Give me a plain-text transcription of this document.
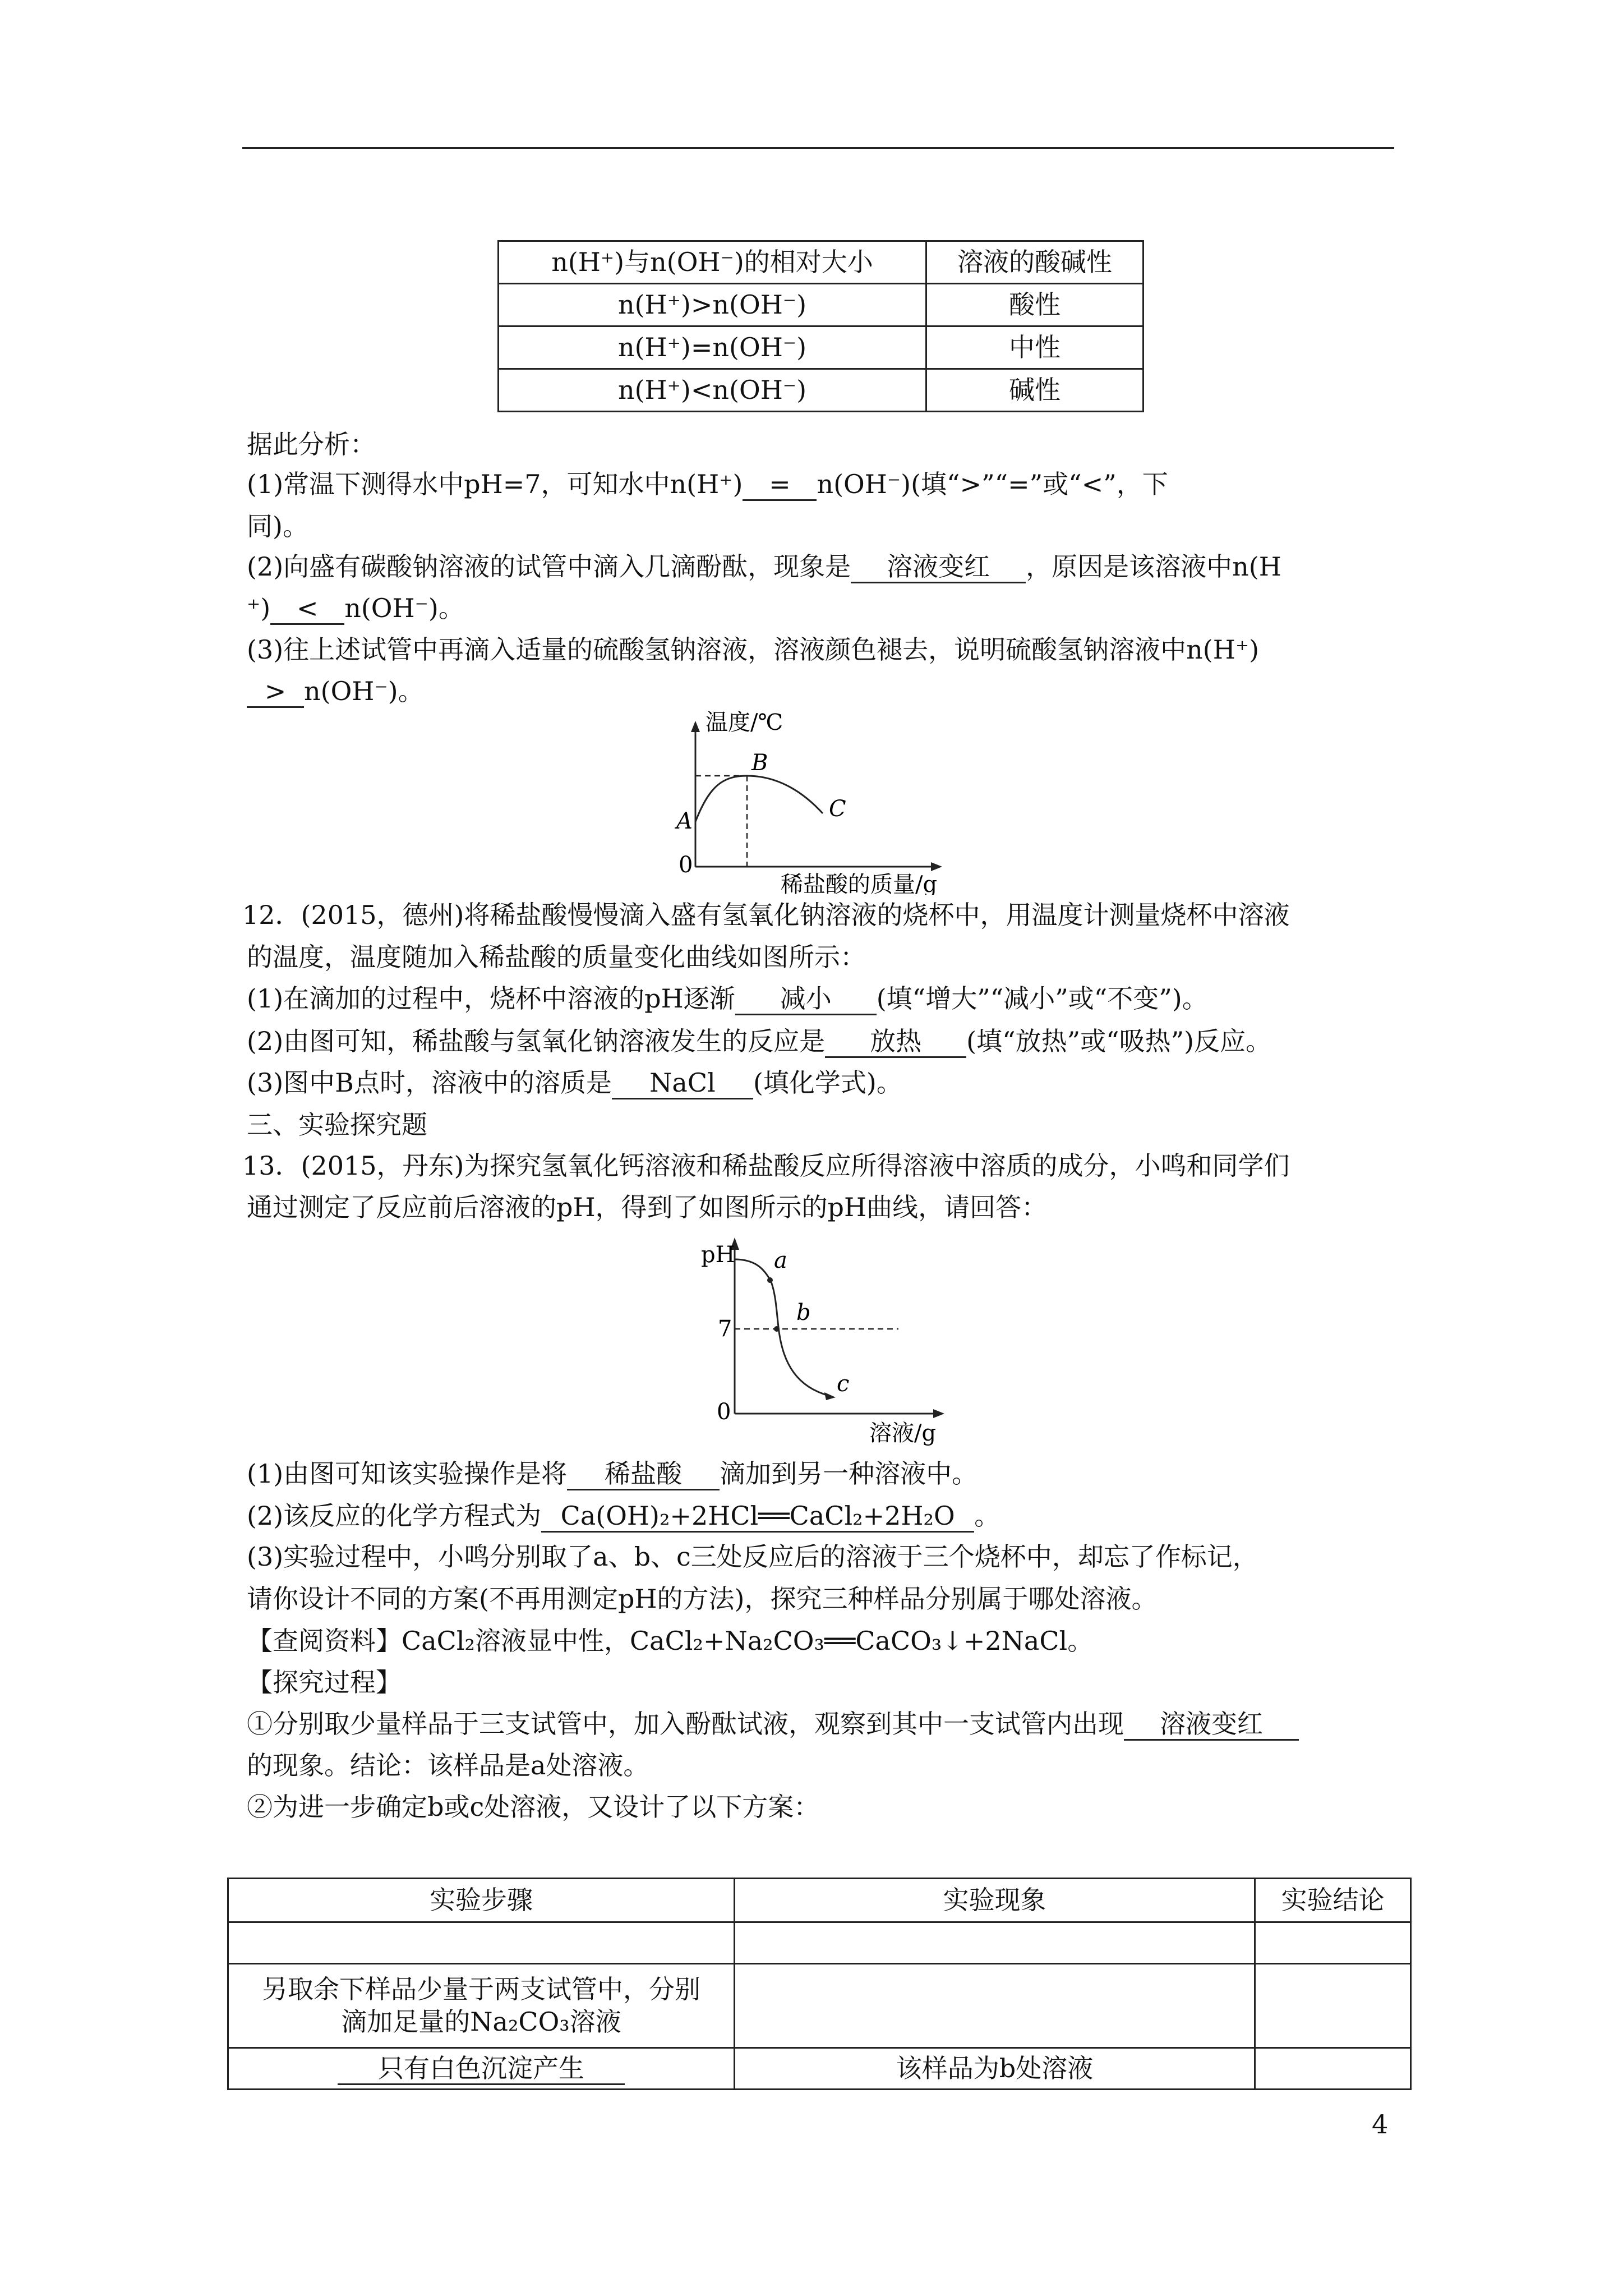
n(H⁺)与n(OH⁻)的相对大小	溶液的酸碱性
n(H⁺)>n(OH⁻)	酸性
n(H⁺)=n(OH⁻)	中性
n(H⁺)<n(OH⁻)	碱性
据此分析：
(1)常温下测得水中pH=7，可知水中n(H⁺) = n(OH⁻)(填“>”“=”或“<”，下
同)。
(2)向盛有碳酸钠溶液的试管中滴入几滴酚酞，现象是 溶液变红 ，原因是该溶液中n(H
⁺) < n(OH⁻)。
(3)往上述试管中再滴入适量的硫酸氢钠溶液，溶液颜色褪去，说明硫酸氢钠溶液中n(H⁺)
> n(OH⁻)。
温度/℃
B
A	C
0
稀盐酸的质量/g
12．(2015，德州)将稀盐酸慢慢滴入盛有氢氧化钠溶液的烧杯中，用温度计测量烧杯中溶液
的温度，温度随加入稀盐酸的质量变化曲线如图所示：
(1)在滴加的过程中，烧杯中溶液的pH逐渐 减小 (填“增大”“减小”或“不变”)。
(2)由图可知，稀盐酸与氢氧化钠溶液发生的反应是 放热 (填“放热”或“吸热”)反应。
(3)图中B点时，溶液中的溶质是 NaCl (填化学式)。
三、实验探究题
13．(2015，丹东)为探究氢氧化钙溶液和稀盐酸反应所得溶液中溶质的成分，小鸣和同学们
通过测定了反应前后溶液的pH，得到了如图所示的pH曲线，请回答：
pH
7
0
a
b
c
溶液/g
(1)由图可知该实验操作是将 稀盐酸 滴加到另一种溶液中。
(2)该反应的化学方程式为 Ca(OH)₂+2HCl══CaCl₂+2H₂O 。
(3)实验过程中，小鸣分别取了a、b、c三处反应后的溶液于三个烧杯中，却忘了作标记，
请你设计不同的方案(不再用测定pH的方法)，探究三种样品分别属于哪处溶液。
【查阅资料】CaCl₂溶液显中性，CaCl₂+Na₂CO₃══CaCO₃↓+2NaCl。
【探究过程】
①分别取少量样品于三支试管中，加入酚酞试液，观察到其中一支试管内出现 溶液变红
的现象。结论：该样品是a处溶液。
②为进一步确定b或c处溶液，又设计了以下方案：
实验步骤	实验现象	实验结论

另取余下样品少量于两支试管中，分别
滴加足量的Na₂CO₃溶液		

只有白色沉淀产生	该样品为b处溶液	
4
